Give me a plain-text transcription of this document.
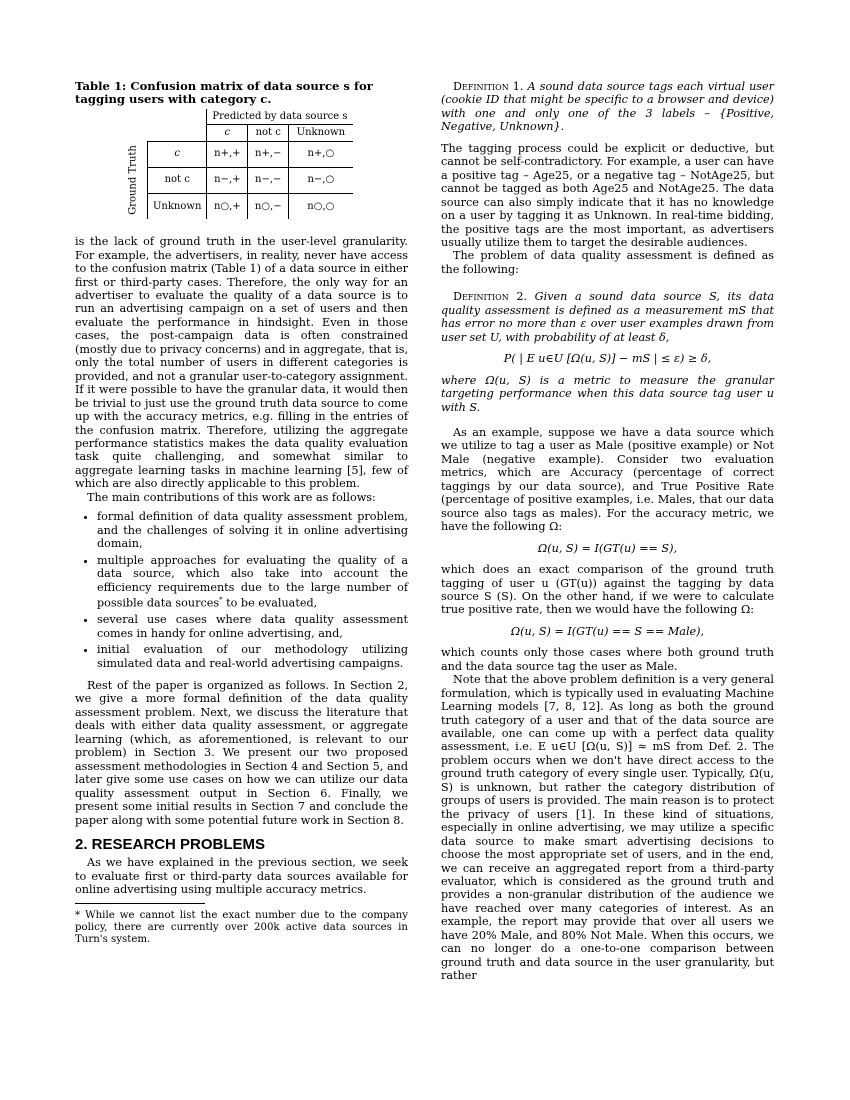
Table 1: Confusion matrix of data source s for tagging users with category c.

		Predicted by data source s		
		c	not c	Unknown

Ground Truth	c	n+,+	n+,−	n+,○
	not c	n−,+	n−,−	n−,○
	Unknown	n○,+	n○,−	n○,○

is the lack of ground truth in the user-level granularity. For example, the advertisers, in reality, never have access to the confusion matrix (Table 1) of a data source in either first or third-party cases. Therefore, the only way for an advertiser to evaluate the quality of a data source is to run an advertising campaign on a set of users and then evaluate the performance in hindsight. Even in those cases, the post-campaign data is often constrained (mostly due to privacy concerns) and in aggregate, that is, only the total number of users in different categories is provided, and not a granular user-to-category assignment. If it were possible to have the granular data, it would then be trivial to just use the ground truth data source to come up with the accuracy metrics, e.g. filling in the entries of the confusion matrix. Therefore, utilizing the aggregate performance statistics makes the data quality evaluation task quite challenging, and somewhat similar to aggregate learning tasks in machine learning [5], few of which are also directly applicable to this problem.

The main contributions of this work are as follows:

• formal definition of data quality assessment problem, and the challenges of solving it in online advertising domain,
• multiple approaches for evaluating the quality of a data source, which also take into account the efficiency requirements due to the large number of possible data sources* to be evaluated,
• several use cases where data quality assessment comes in handy for online advertising, and,
• initial evaluation of our methodology utilizing simulated data and real-world advertising campaigns.

Rest of the paper is organized as follows. In Section 2, we give a more formal definition of the data quality assessment problem. Next, we discuss the literature that deals with either data quality assessment, or aggregate learning (which, as aforementioned, is relevant to our problem) in Section 3. We present our two proposed assessment methodologies in Section 4 and Section 5, and later give some use cases on how we can utilize our data quality assessment output in Section 6. Finally, we present some initial results in Section 7 and conclude the paper along with some potential future work in Section 8.

2. RESEARCH PROBLEMS

As we have explained in the previous section, we seek to evaluate first or third-party data sources available for online advertising using multiple accuracy metrics.

* While we cannot list the exact number due to the company policy, there are currently over 200k active data sources in Turn's system.

Definition 1. A sound data source tags each virtual user (cookie ID that might be specific to a browser and device) with one and only one of the 3 labels – {Positive, Negative, Unknown}.

The tagging process could be explicit or deductive, but cannot be self-contradictory. For example, a user can have a positive tag – Age25, or a negative tag – NotAge25, but cannot be tagged as both Age25 and NotAge25. The data source can also simply indicate that it has no knowledge on a user by tagging it as Unknown. In real-time bidding, the positive tags are the most important, as advertisers usually utilize them to target the desirable audiences.

The problem of data quality assessment is defined as the following:

Definition 2. Given a sound data source S, its data quality assessment is defined as a measurement mS that has error no more than ε over user examples drawn from user set U, with probability of at least δ,

P( | E u∈U [Ω(u, S)] − mS | ≤ ε) ≥ δ,

where Ω(u, S) is a metric to measure the granular targeting performance when this data source tag user u with S.

As an example, suppose we have a data source which we utilize to tag a user as Male (positive example) or Not Male (negative example). Consider two evaluation metrics, which are Accuracy (percentage of correct taggings by our data source), and True Positive Rate (percentage of positive examples, i.e. Males, that our data source also tags as males). For the accuracy metric, we have the following Ω:

Ω(u, S) = I(GT(u) == S),

which does an exact comparison of the ground truth tagging of user u (GT(u)) against the tagging by data source S (S). On the other hand, if we were to calculate true positive rate, then we would have the following Ω:

Ω(u, S) = I(GT(u) == S == Male),

which counts only those cases where both ground truth and the data source tag the user as Male.

Note that the above problem definition is a very general formulation, which is typically used in evaluating Machine Learning models [7, 8, 12]. As long as both the ground truth category of a user and that of the data source are available, one can come up with a perfect data quality assessment, i.e. E u∈U [Ω(u, S)] ≈ mS from Def. 2. The problem occurs when we don't have direct access to the ground truth category of every single user. Typically, Ω(u, S) is unknown, but rather the category distribution of groups of users is provided. The main reason is to protect the privacy of users [1]. In these kind of situations, especially in online advertising, we may utilize a specific data source to make smart advertising decisions to choose the most appropriate set of users, and in the end, we can receive an aggregated report from a third-party evaluator, which is considered as the ground truth and provides a non-granular distribution of the audience we have reached over many categories of interest. As an example, the report may provide that over all users we have 20% Male, and 80% Not Male. When this occurs, we can no longer do a one-to-one comparison between ground truth and data source in the user granularity, but rather
